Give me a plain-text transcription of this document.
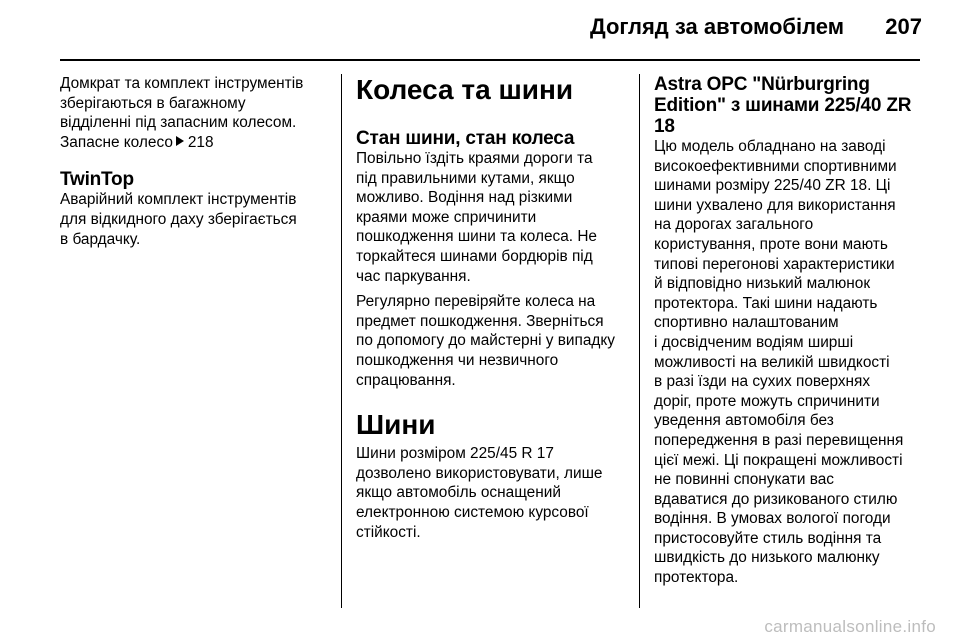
Догляд за автомобілем	207

Домкрат та комплект інструментів
зберігаються в багажному
відділенні під запасним колесом.
Запасне колесо 218

TwinTop

Аварійний комплект інструментів
для відкидного даху зберігається
в бардачку.

Колеса та шини
Стан шини, стан колеса

Повільно їздіть краями дороги та
під правильними кутами, якщо
можливо. Водіння над різкими
краями може спричинити
пошкодження шини та колеса. Не
торкайтеся шинами бордюрів під
час паркування.

Регулярно перевіряйте колеса на
предмет пошкодження. Зверніться
по допомогу до майстерні у випадку
пошкодження чи незвичного
спрацювання.

Шини

Шини розміром 225/45 R 17
дозволено використовувати, лише
якщо автомобіль оснащений
електронною системою курсової
стійкості.

Astra OPC "Nürburgring
Edition" з шинами 225/40 ZR 18

Цю модель обладнано на заводі
високоефективними спортивними
шинами розміру 225/40 ZR 18. Ці
шини ухвалено для використання
на дорогах загального
користування, проте вони мають
типові перегонові характеристики
й відповідно низький малюнок
протектора. Такі шини надають
спортивно налаштованим
і досвідченим водіям ширші
можливості на великій швидкості
в разі їзди на сухих поверхнях
доріг, проте можуть спричинити
уведення автомобіля без
попередження в разі перевищення
цієї межі. Ці покращені можливості
не повинні спонукати вас
вдаватися до ризикованого стилю
водіння. В умовах вологої погоди
пристосовуйте стиль водіння та
швидкість до низького малюнку
протектора.

carmanualsonline.info
